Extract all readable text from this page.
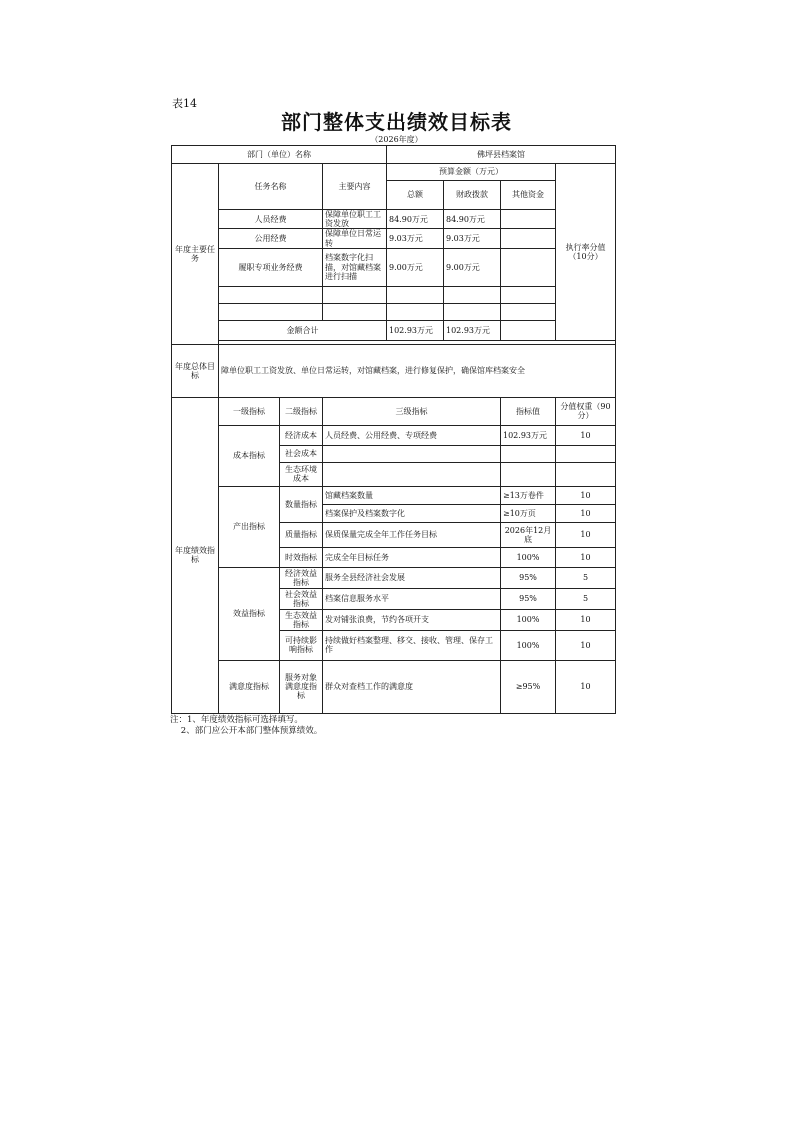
表14
部门整体支出绩效目标表
（2026年度）
部门（单位）名称				佛坪县档案馆			
年度主要任务	任务名称		主要内容	预算金额（万元）			执行率分值（10分）
				总额	财政拨款	其他资金	
	人员经费		保障单位职工工资发放	84.90万元	84.90万元		
	公用经费		保障单位日常运转	9.03万元	9.03万元		
	履职专项业务经费		档案数字化扫描，对馆藏档案进行扫描	9.00万元	9.00万元		

	金额合计			102.93万元	102.93万元		

年度总体目标	障单位职工工资发放、单位日常运转，对馆藏档案，进行修复保护，确保馆库档案安全						
年度绩效指标	一级指标	二级指标	三级指标			指标值	分值权重（90分）
	成本指标	经济成本	人员经费、公用经费、专项经费			102.93万元	10
		社会成本					
		生态环境成本					
	产出指标	数量指标	馆藏档案数量			≥13万卷件	10
			档案保护及档案数字化			≥10万页	10
		质量指标	保质保量完成全年工作任务目标			2026年12月底	10
		时效指标	完成全年目标任务			100%	10
	效益指标	经济效益指标	服务全县经济社会发展			95%	5
		社会效益指标	档案信息服务水平			95%	5
		生态效益指标	发对铺张浪费，节约各项开支			100%	10
		可持续影响指标	持续做好档案整理、移交、接收、管理、保存工作			100%	10
	满意度指标	服务对象满意度指标	群众对查档工作的满意度			≥95%	10
注：1、年度绩效指标可选择填写。
2、部门应公开本部门整体预算绩效。
